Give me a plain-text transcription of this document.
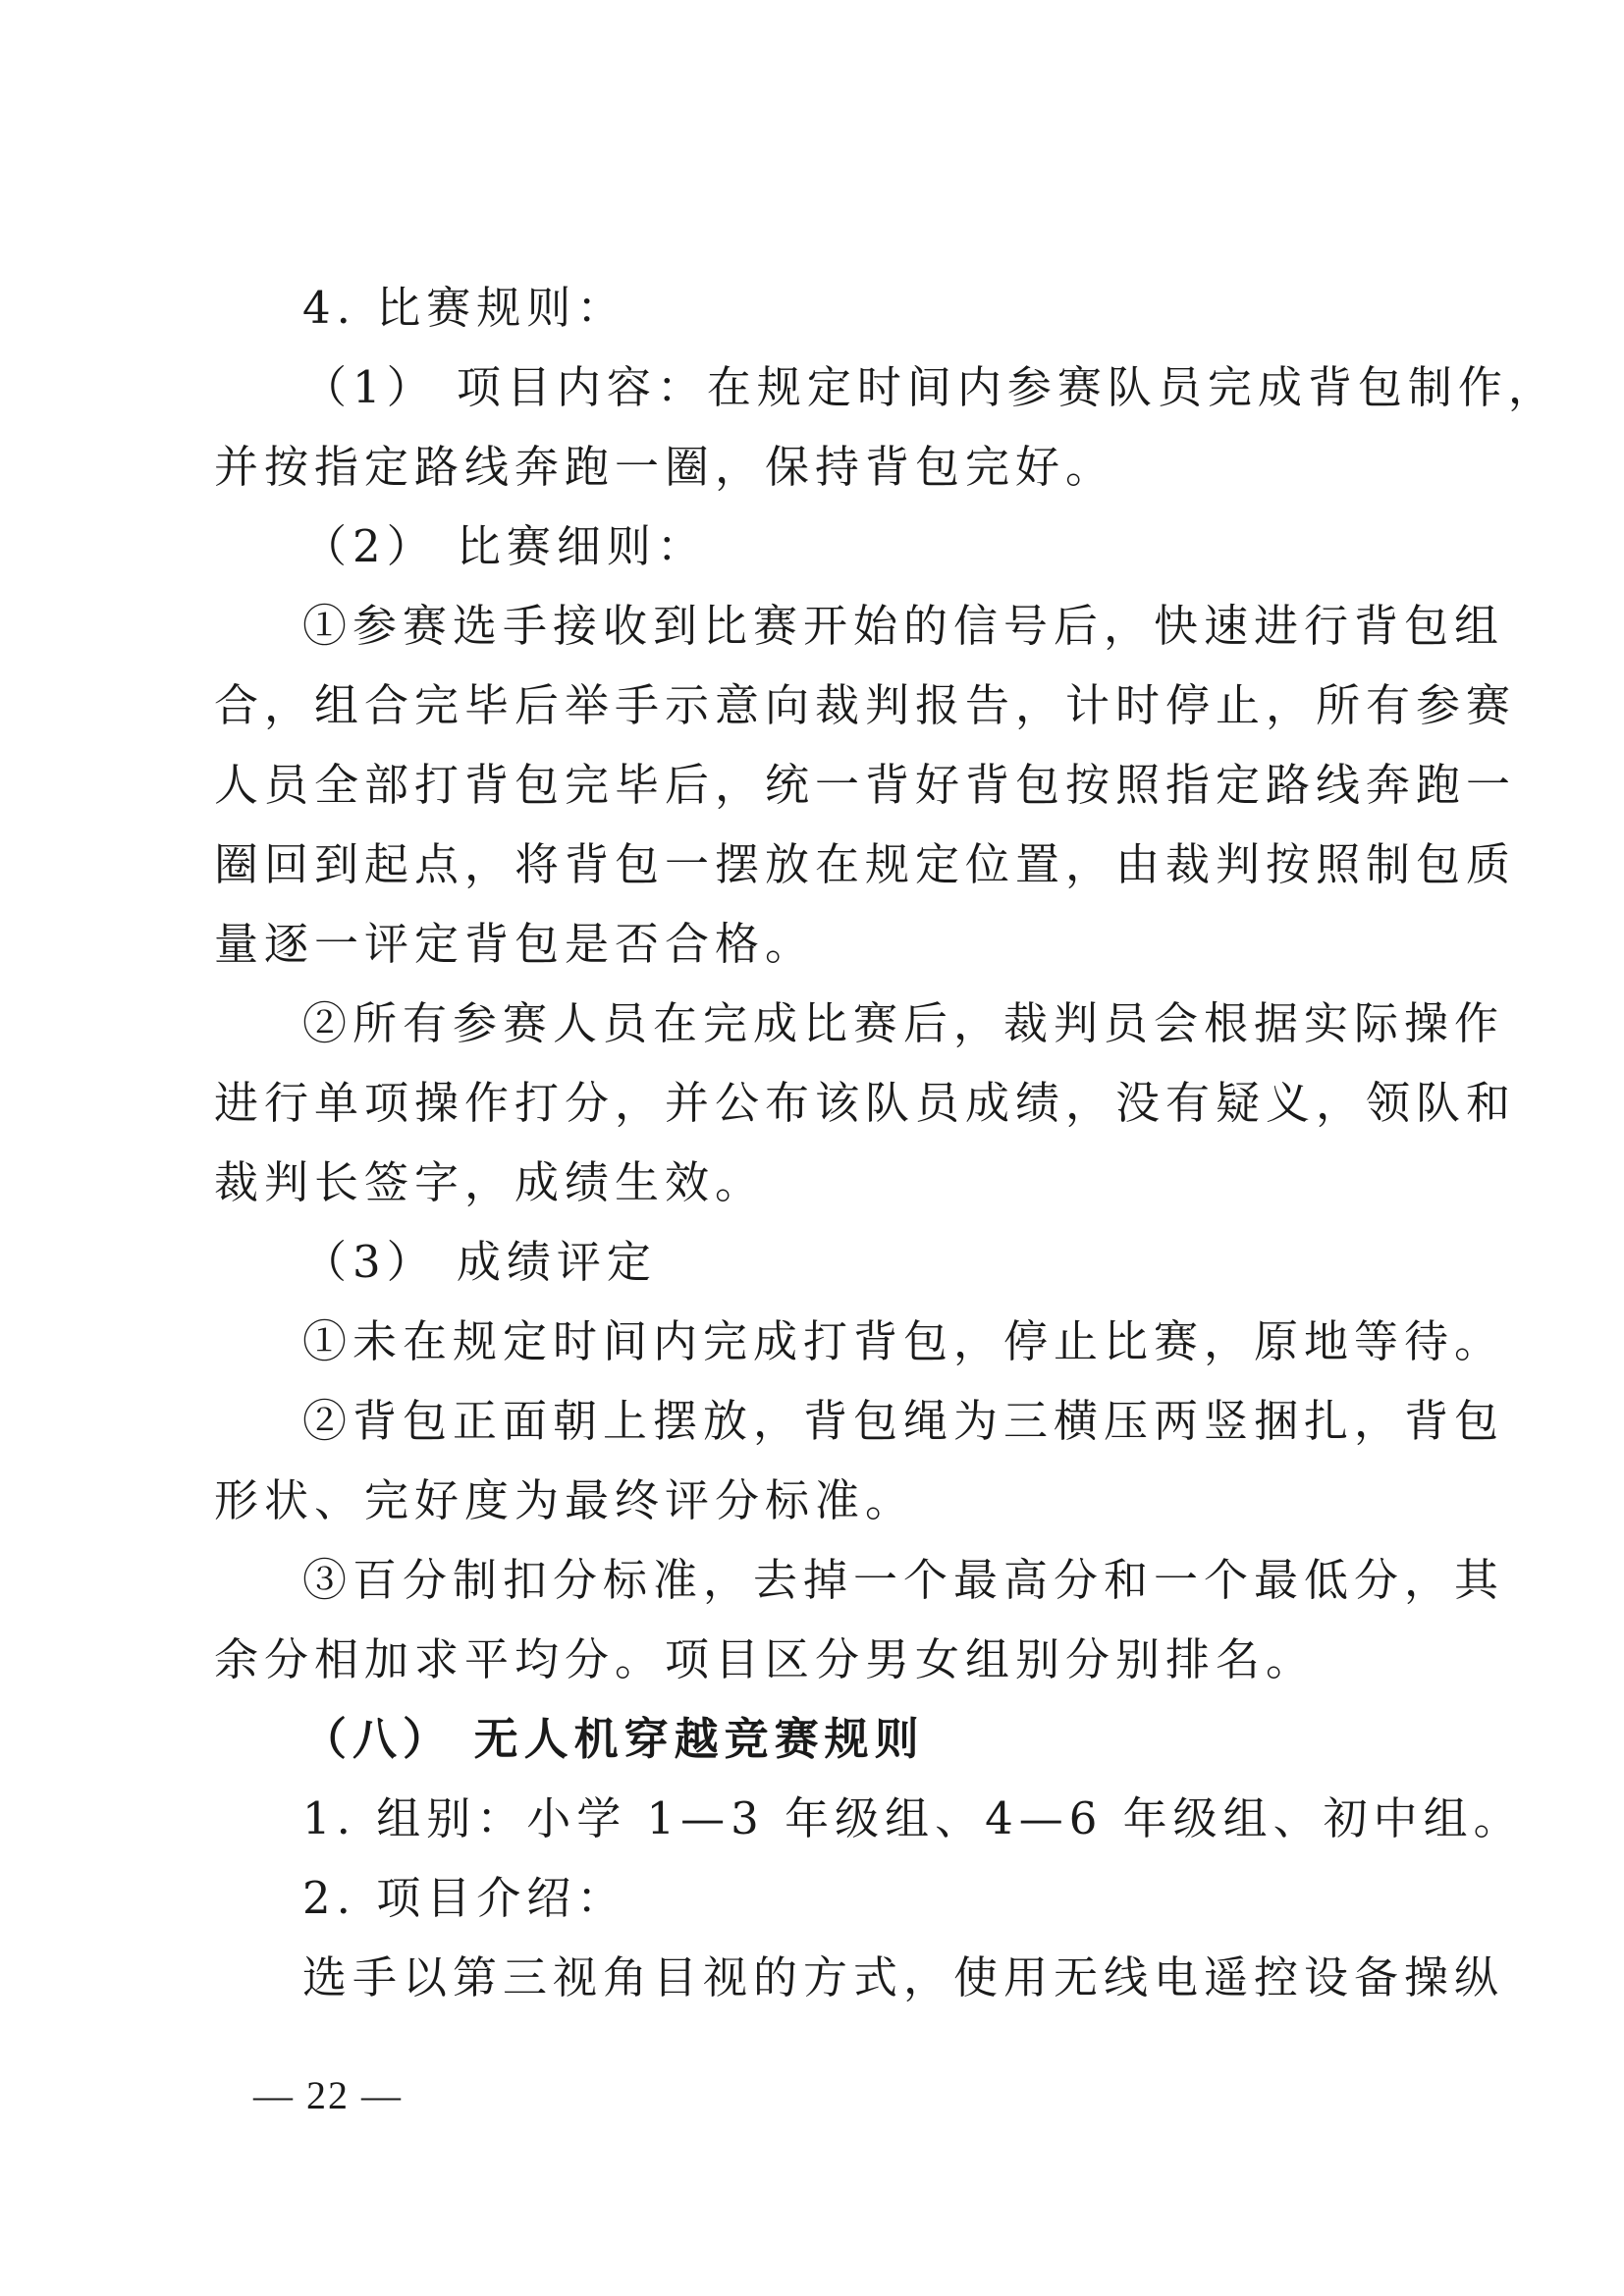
4. 比赛规则：
（1） 项目内容：在规定时间内参赛队员完成背包制作，
并按指定路线奔跑一圈，保持背包完好。
（2） 比赛细则：
①参赛选手接收到比赛开始的信号后，快速进行背包组
合，组合完毕后举手示意向裁判报告，计时停止，所有参赛
人员全部打背包完毕后，统一背好背包按照指定路线奔跑一
圈回到起点，将背包一摆放在规定位置，由裁判按照制包质
量逐一评定背包是否合格。
②所有参赛人员在完成比赛后，裁判员会根据实际操作
进行单项操作打分，并公布该队员成绩，没有疑义，领队和
裁判长签字，成绩生效。
（3） 成绩评定
①未在规定时间内完成打背包，停止比赛，原地等待。
②背包正面朝上摆放，背包绳为三横压两竖捆扎，背包
形状、完好度为最终评分标准。
③百分制扣分标准，去掉一个最高分和一个最低分，其
余分相加求平均分。项目区分男女组别分别排名。
（八） 无人机穿越竞赛规则
1. 组别：小学 1—3 年级组、4—6 年级组、初中组。
2. 项目介绍：
选手以第三视角目视的方式，使用无线电遥控设备操纵
— 22 —
